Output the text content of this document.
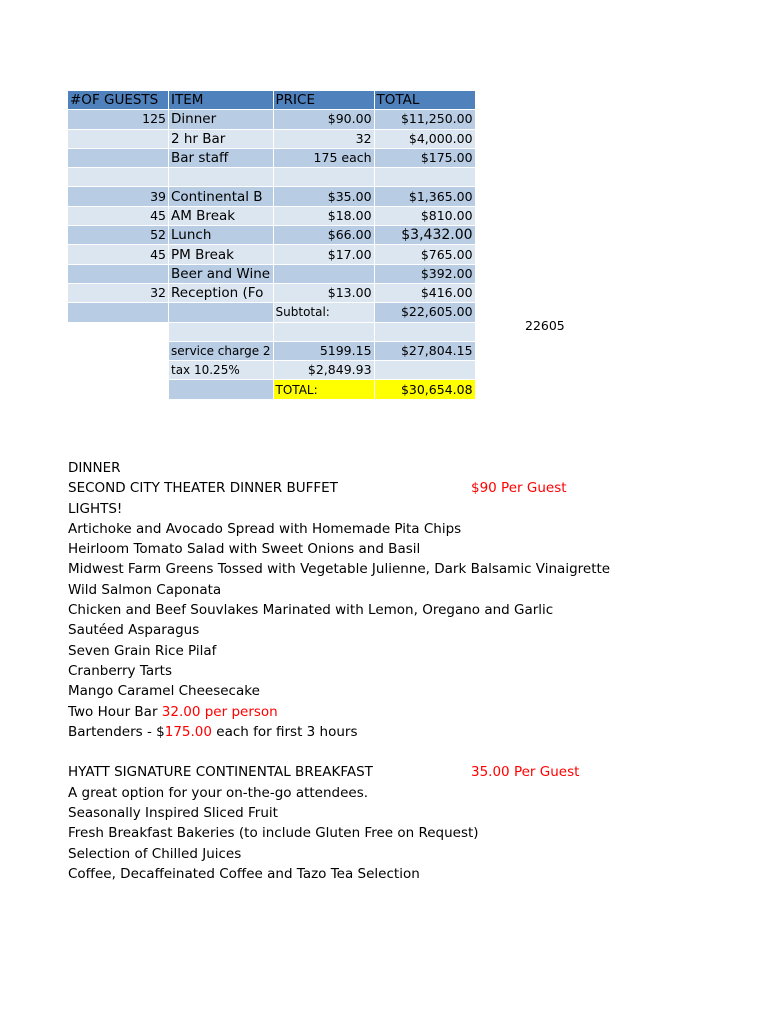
#OF GUESTS	ITEM	PRICE	TOTAL
125	Dinner	$90.00	$11,250.00
	2 hr Bar	32	$4,000.00
	Bar staff	175 each	$175.00

39	Continental B	$35.00	$1,365.00
45	AM Break	$18.00	$810.00
52	Lunch	$66.00	$3,432.00
45	PM Break	$17.00	$765.00
	Beer and Wine		$392.00
32	Reception (Fo	$13.00	$416.00
		Subtotal:	$22,605.00

	service charge 2	5199.15	$27,804.15
	tax 10.25%	$2,849.93	
		TOTAL:	$30,654.08
22605
DINNER
SECOND CITY THEATER DINNER BUFFET	$90 Per Guest
LIGHTS!
Artichoke and Avocado Spread with Homemade Pita Chips
Heirloom Tomato Salad with Sweet Onions and Basil
Midwest Farm Greens Tossed with Vegetable Julienne, Dark Balsamic Vinaigrette
Wild Salmon Caponata
Chicken and Beef Souvlakes Marinated with Lemon, Oregano and Garlic
Sautéed Asparagus
Seven Grain Rice Pilaf
Cranberry Tarts
Mango Caramel Cheesecake
Two Hour Bar 32.00 per person
Bartenders - $175.00 each for first 3 hours
HYATT SIGNATURE CONTINENTAL BREAKFAST	35.00 Per Guest
A great option for your on-the-go attendees.
Seasonally Inspired Sliced Fruit
Fresh Breakfast Bakeries (to include Gluten Free on Request)
Selection of Chilled Juices
Coffee, Decaffeinated Coffee and Tazo Tea Selection
